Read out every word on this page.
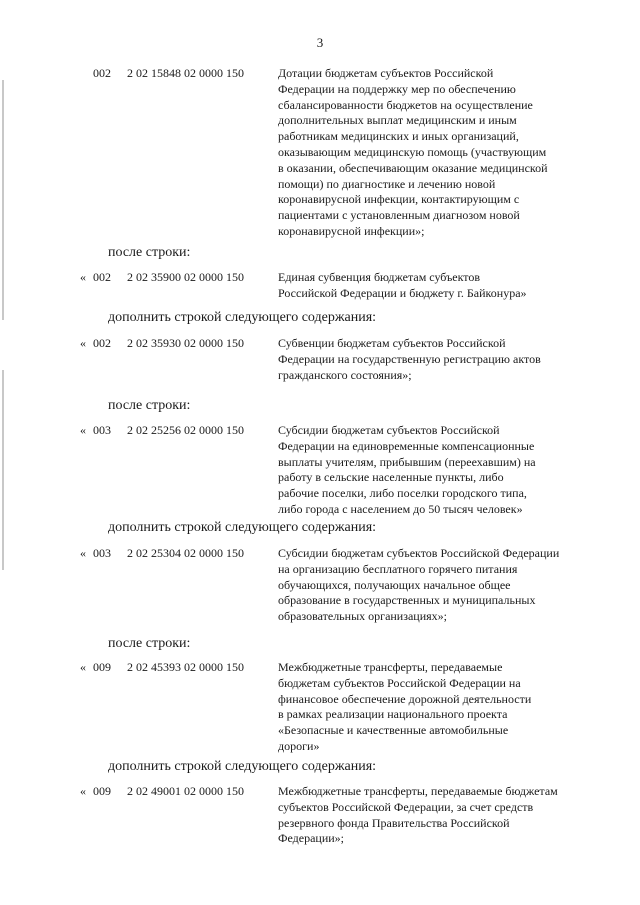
3
002 2 02 15848 02 0000 150	Дотации бюджетам субъектов Российской
Федерации на поддержку мер по обеспечению
сбалансированности бюджетов на осуществление
дополнительных выплат медицинским и иным
работникам медицинских и иных организаций,
оказывающим медицинскую помощь (участвующим
в оказании, обеспечивающим оказание медицинской
помощи) по диагностике и лечению новой
коронавирусной инфекции, контактирующим с
пациентами с установленным диагнозом новой
коронавирусной инфекции»;
после строки:
« 002 2 02 35900 02 0000 150	Единая субвенция бюджетам субъектов
Российской Федерации и бюджету г. Байконура»
дополнить строкой следующего содержания:
« 002 2 02 35930 02 0000 150	Субвенции бюджетам субъектов Российской
Федерации на государственную регистрацию актов
гражданского состояния»;
после строки:
« 003 2 02 25256 02 0000 150	Субсидии бюджетам субъектов Российской
Федерации на единовременные компенсационные
выплаты учителям, прибывшим (переехавшим) на
работу в сельские населенные пункты, либо
рабочие поселки, либо поселки городского типа,
либо города с населением до 50 тысяч человек»
дополнить строкой следующего содержания:
« 003 2 02 25304 02 0000 150	Субсидии бюджетам субъектов Российской Федерации
на организацию бесплатного горячего питания
обучающихся, получающих начальное общее
образование в государственных и муниципальных
образовательных организациях»;
после строки:
« 009 2 02 45393 02 0000 150	Межбюджетные трансферты, передаваемые
бюджетам субъектов Российской Федерации на
финансовое обеспечение дорожной деятельности
в рамках реализации национального проекта
«Безопасные и качественные автомобильные
дороги»
дополнить строкой следующего содержания:
« 009 2 02 49001 02 0000 150	Межбюджетные трансферты, передаваемые бюджетам
субъектов Российской Федерации, за счет средств
резервного фонда Правительства Российской
Федерации»;
